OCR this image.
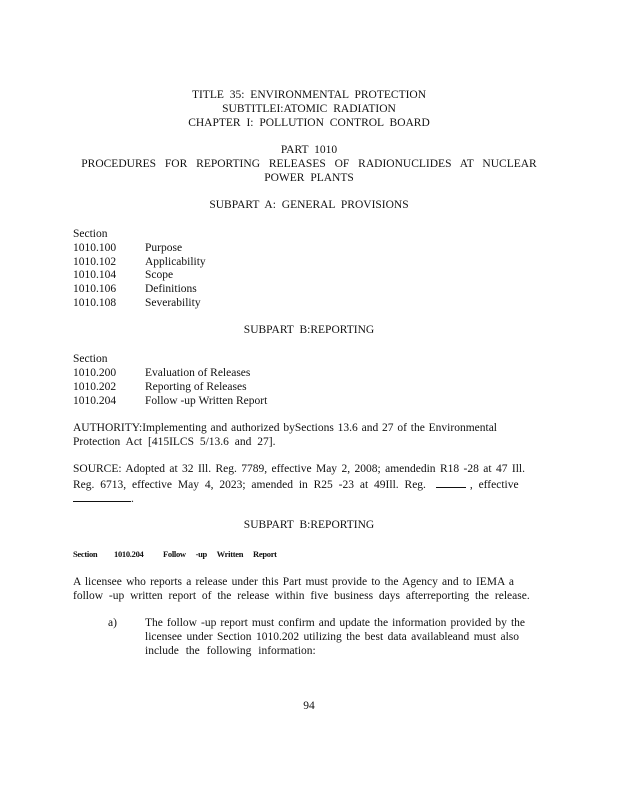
TITLE 35: ENVIRONMENTAL PROTECTION
SUBTITLEI:ATOMIC RADIATION
CHAPTER I: POLLUTION CONTROL BOARD
PART 1010
PROCEDURES FOR REPORTING RELEASES OF RADIONUCLIDES AT NUCLEAR
POWER PLANTS
SUBPART A: GENERAL PROVISIONS
Section
1010.100	Purpose
1010.102	Applicability
1010.104	Scope
1010.106	Definitions
1010.108	Severability
SUBPART B:REPORTING
Section
1010.200	Evaluation of Releases
1010.202	Reporting of Releases
1010.204	Follow -up Written Report
AUTHORITY:Implementing and authorized bySections 13.6 and 27 of the Environmental
Protection Act [415ILCS 5/13.6 and 27].
SOURCE: Adopted at 32 Ill. Reg. 7789, effective May 2, 2008; amendedin R18 -28 at 47 Ill.
Reg. 6713, effective May 4, 2023; amended in R25 -23 at 49Ill. Reg.	, effective
.
SUBPART B:REPORTING
Section 1010.204 Follow -up Written Report
A licensee who reports a release under this Part must provide to the Agency and to IEMA a
follow -up written report of the release within five business days afterreporting the release.
a) The follow -up report must confirm and update the information provided by the
licensee under Section 1010.202 utilizing the best data availableand must also
include the following information:
94
